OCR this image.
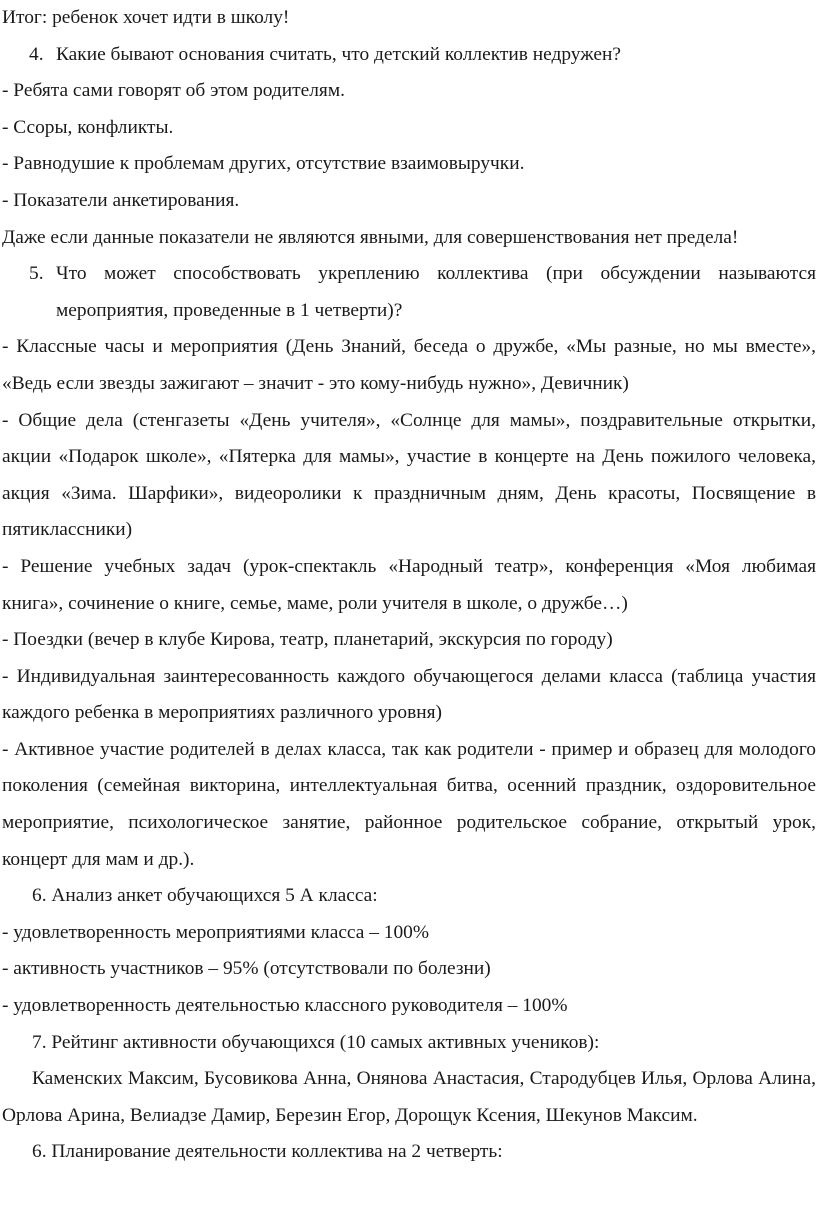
Итог: ребенок хочет идти в школу!

4. Какие бывают основания считать, что детский коллектив недружен?

- Ребята сами говорят об этом родителям.

- Ссоры, конфликты.

- Равнодушие к проблемам других, отсутствие взаимовыручки.

- Показатели анкетирования.

Даже если данные показатели не являются явными, для совершенствования нет предела!

5. Что может способствовать укреплению коллектива (при обсуждении называются мероприятия, проведенные в 1 четверти)?

- Классные часы и мероприятия (День Знаний, беседа о дружбе, «Мы разные, но мы вместе», «Ведь если звезды зажигают – значит - это кому-нибудь нужно», Девичник)

- Общие дела (стенгазеты «День учителя», «Солнце для мамы», поздравительные открытки, акции «Подарок школе», «Пятерка для мамы», участие в концерте на День пожилого человека, акция «Зима. Шарфики», видеоролики к праздничным дням, День красоты, Посвящение в пятиклассники)

- Решение учебных задач (урок-спектакль «Народный театр», конференция «Моя любимая книга», сочинение о книге, семье, маме, роли учителя в школе, о дружбе…)

- Поездки (вечер в клубе Кирова, театр, планетарий, экскурсия по городу)

- Индивидуальная заинтересованность каждого обучающегося делами класса (таблица участия каждого ребенка в мероприятиях различного уровня)

- Активное участие родителей в делах класса, так как родители - пример и образец для молодого поколения (семейная викторина, интеллектуальная битва, осенний праздник, оздоровительное мероприятие, психологическое занятие, районное родительское собрание, открытый урок, концерт для мам и др.).

6. Анализ анкет обучающихся 5 А класса:

- удовлетворенность мероприятиями класса – 100%

- активность участников – 95% (отсутствовали по болезни)

- удовлетворенность деятельностью классного руководителя – 100%

7. Рейтинг активности обучающихся (10 самых активных учеников):

Каменских Максим, Бусовикова Анна, Онянова Анастасия, Стародубцев Илья, Орлова Алина, Орлова Арина, Велиадзе Дамир, Березин Егор, Дорощук Ксения, Шекунов Максим.

6. Планирование деятельности коллектива на 2 четверть:
